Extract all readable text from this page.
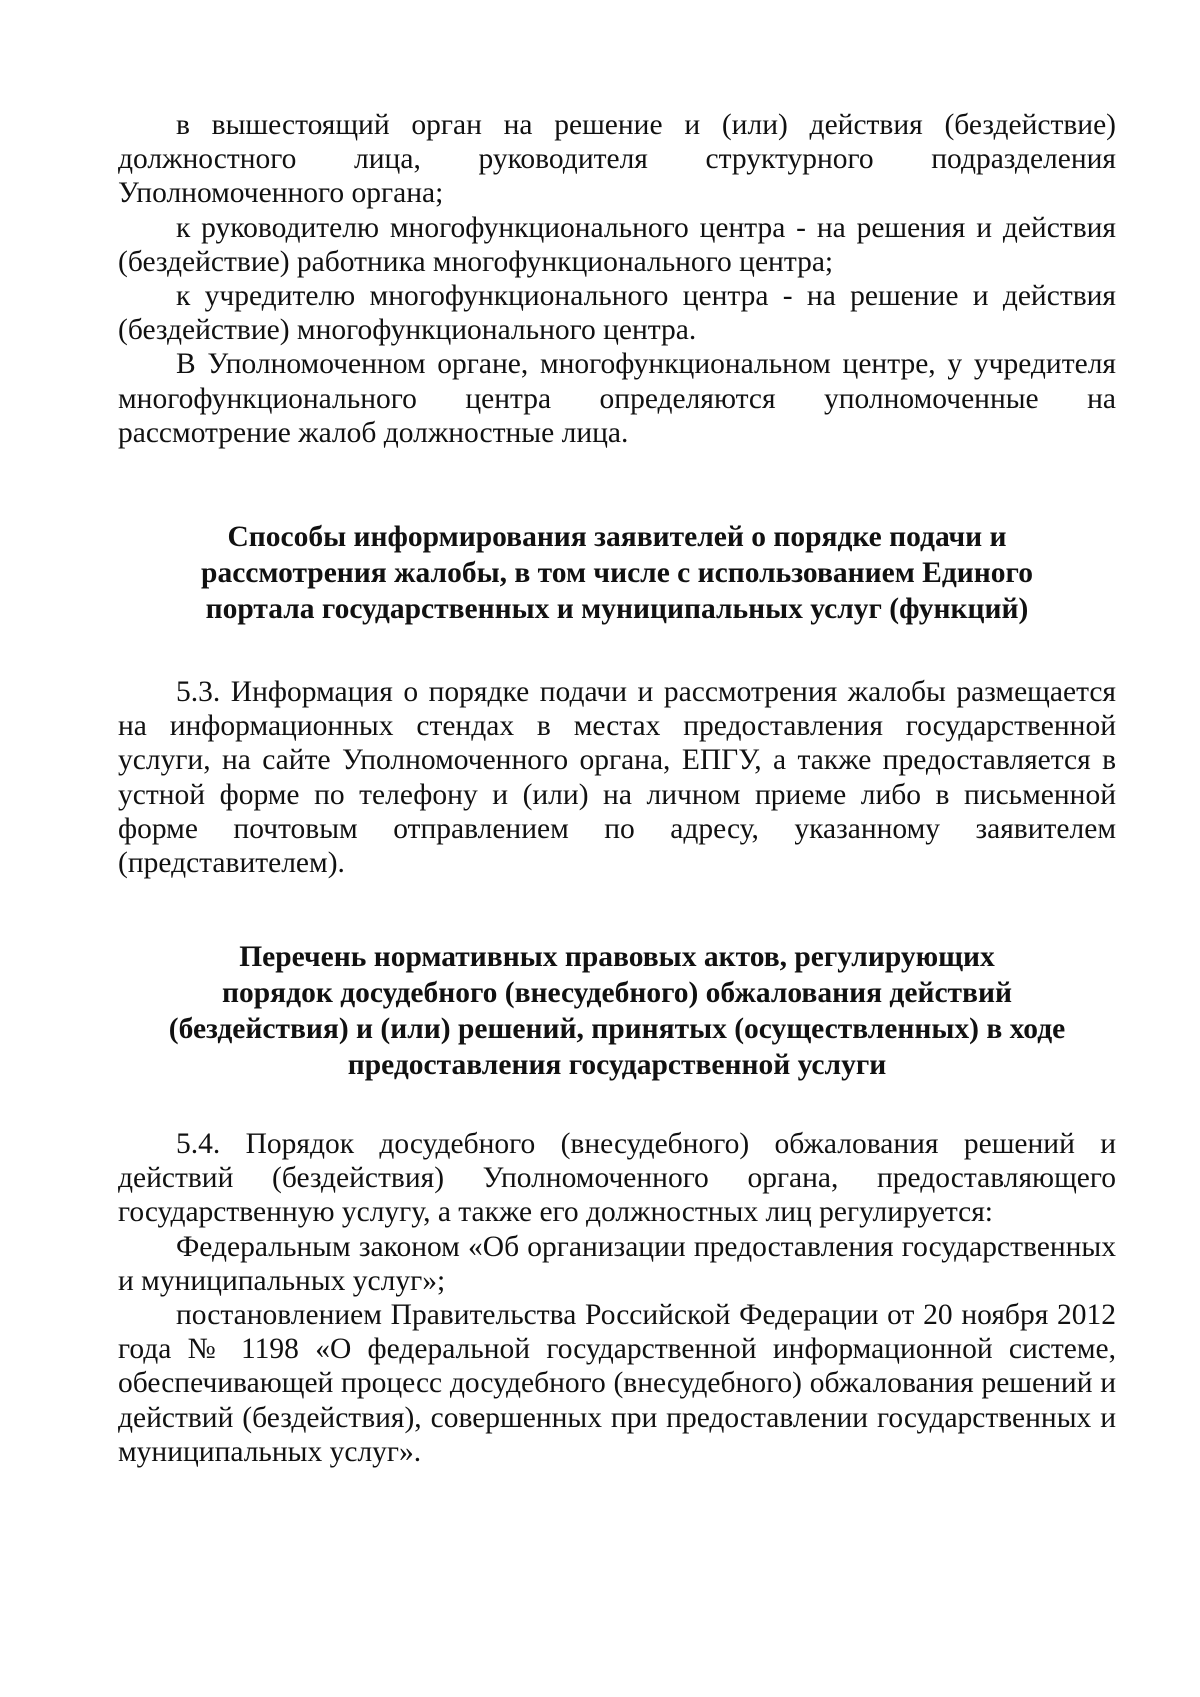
в вышестоящий орган на решение и (или) действия (бездействие) должностного лица, руководителя структурного подразделения Уполномоченного органа;

к руководителю многофункционального центра - на решения и действия (бездействие) работника многофункционального центра;

к учредителю многофункционального центра - на решение и действия (бездействие) многофункционального центра.

В Уполномоченном органе, многофункциональном центре, у учредителя многофункционального центра определяются уполномоченные на рассмотрение жалоб должностные лица.

Способы информирования заявителей о порядке подачи и
рассмотрения жалобы, в том числе с использованием Единого
портала государственных и муниципальных услуг (функций)

5.3. Информация о порядке подачи и рассмотрения жалобы размещается на информационных стендах в местах предоставления государственной услуги, на сайте Уполномоченного органа, ЕПГУ, а также предоставляется в устной форме по телефону и (или) на личном приеме либо в письменной форме почтовым отправлением по адресу, указанному заявителем (представителем).

Перечень нормативных правовых актов, регулирующих
порядок досудебного (внесудебного) обжалования действий
(бездействия) и (или) решений, принятых (осуществленных) в ходе
предоставления государственной услуги

5.4. Порядок досудебного (внесудебного) обжалования решений и действий (бездействия) Уполномоченного органа, предоставляющего государственную услугу, а также его должностных лиц регулируется:

Федеральным законом «Об организации предоставления государственных и муниципальных услуг»;

постановлением Правительства Российской Федерации от 20 ноября 2012 года № 1198 «О федеральной государственной информационной системе, обеспечивающей процесс досудебного (внесудебного) обжалования решений и действий (бездействия), совершенных при предоставлении государственных и муниципальных услуг».
